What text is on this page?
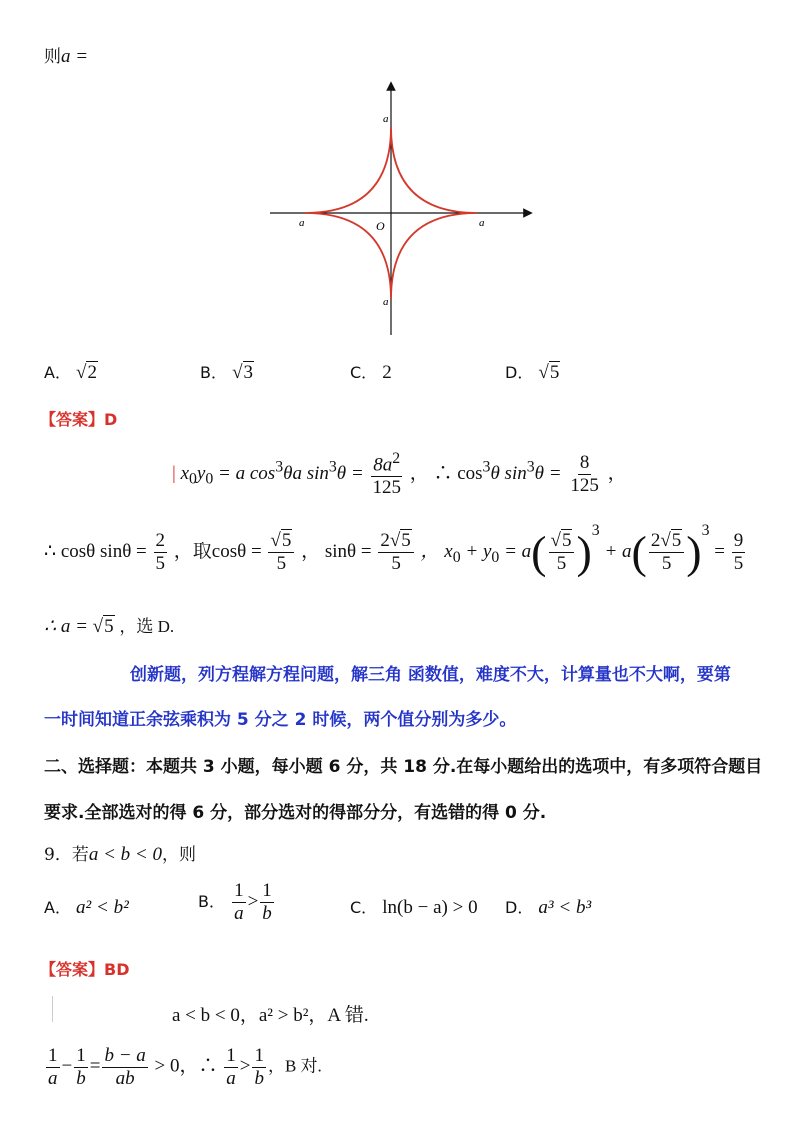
则a =
a
a
a	a
O
A． √2	B． √3	C． 2	D． √5
【答案】D
| $x_0y_0 = a$ $\cos^3\theta a$ $\sin^3\theta = \frac{8a^2}{125}$ ， ∴ $\cos^3\theta$ $\sin^3\theta = \frac{8}{125}$ ，
∴ cosθ $\sin\theta = \frac{2}{5}$ ，取$\cos\theta = \frac{√5}{5}$ ， $\sin\theta = \frac{2√5}{5}$ ， $x_0 + y_0 = a( \frac{√5}{5} )^3 + a( \frac{2√5}{5} )^3 = \frac{9}{5}$
∴ a = √5 ，选 D.
创新题，列方程解方程问题，解三角 函数值，难度不大，计算量也不大啊，要第
一时间知道正余弦乘积为 5 分之 2 时候，两个值分别为多少。
二、选择题：本题共 3 小题，每小题 6 分，共 18 分.在每小题给出的选项中，有多项符合题目
要求.全部选对的得 6 分，部分选对的得部分分，有选错的得 0 分.
9．若a < b < 0，则
A． a² < b²	B． $\frac{1}{a} > \frac{1}{b}$	C． ln(b − a) > 0 D． a³ < b³
【答案】BD
a < b < 0，a² > b²，A 错.
$\frac{1}{a} - \frac{1}{b} = \frac{b - a}{ab} > 0$，∴ $\frac{1}{a} > \frac{1}{b}$ ，B 对.
